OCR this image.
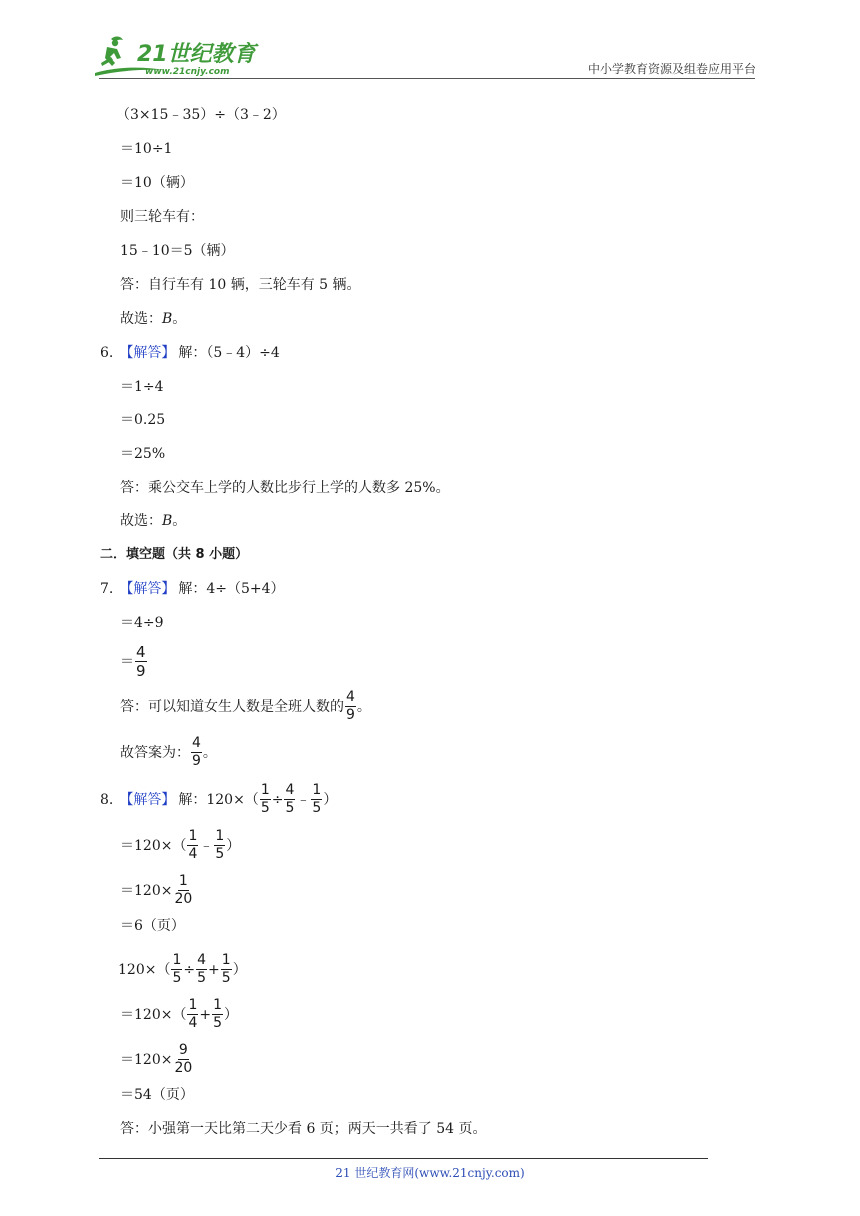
21世纪教育
www.21cnjy.com	中小学教育资源及组卷应用平台
（3×15﹣35）÷（3﹣2）
＝10÷1
＝10（辆）
则三轮车有：
15﹣10＝5（辆）
答：自行车有 10 辆，三轮车有 5 辆。
故选： B 。
6. 【解答】 解：（5﹣4）÷4
＝1÷4
＝0.25
＝25%
答：乘公交车上学的人数比步行上学的人数多 25%。
故选： B 。
二．填空题（共 8 小题）
7. 【解答】 解：4÷（5+4）
＝4÷9
＝ $\frac{4}{9}$
答：可以知道女生人数是全班人数的 $\frac{4}{9}$ 。
故答案为： $\frac{4}{9}$ 。
8. 【解答】 解：$120\times( \frac{1}{5} \div \frac{4}{5}$ ﹣ $\frac{1}{5}$ ）
$=120\times( \frac{1}{4}$ ﹣ $\frac{1}{5}$ ）
$=120\times \frac{1}{20}$
＝6（页）
$120\times( \frac{1}{5} \div \frac{4}{5} + \frac{1}{5}$ ）
$=120\times( \frac{1}{4} + \frac{1}{5}$ ）
$=120\times \frac{9}{20}$
＝54（页）
答：小强第一天比第二天少看 6 页；两天一共看了 54 页。
21 世纪教育网(www.21cnjy.com)
